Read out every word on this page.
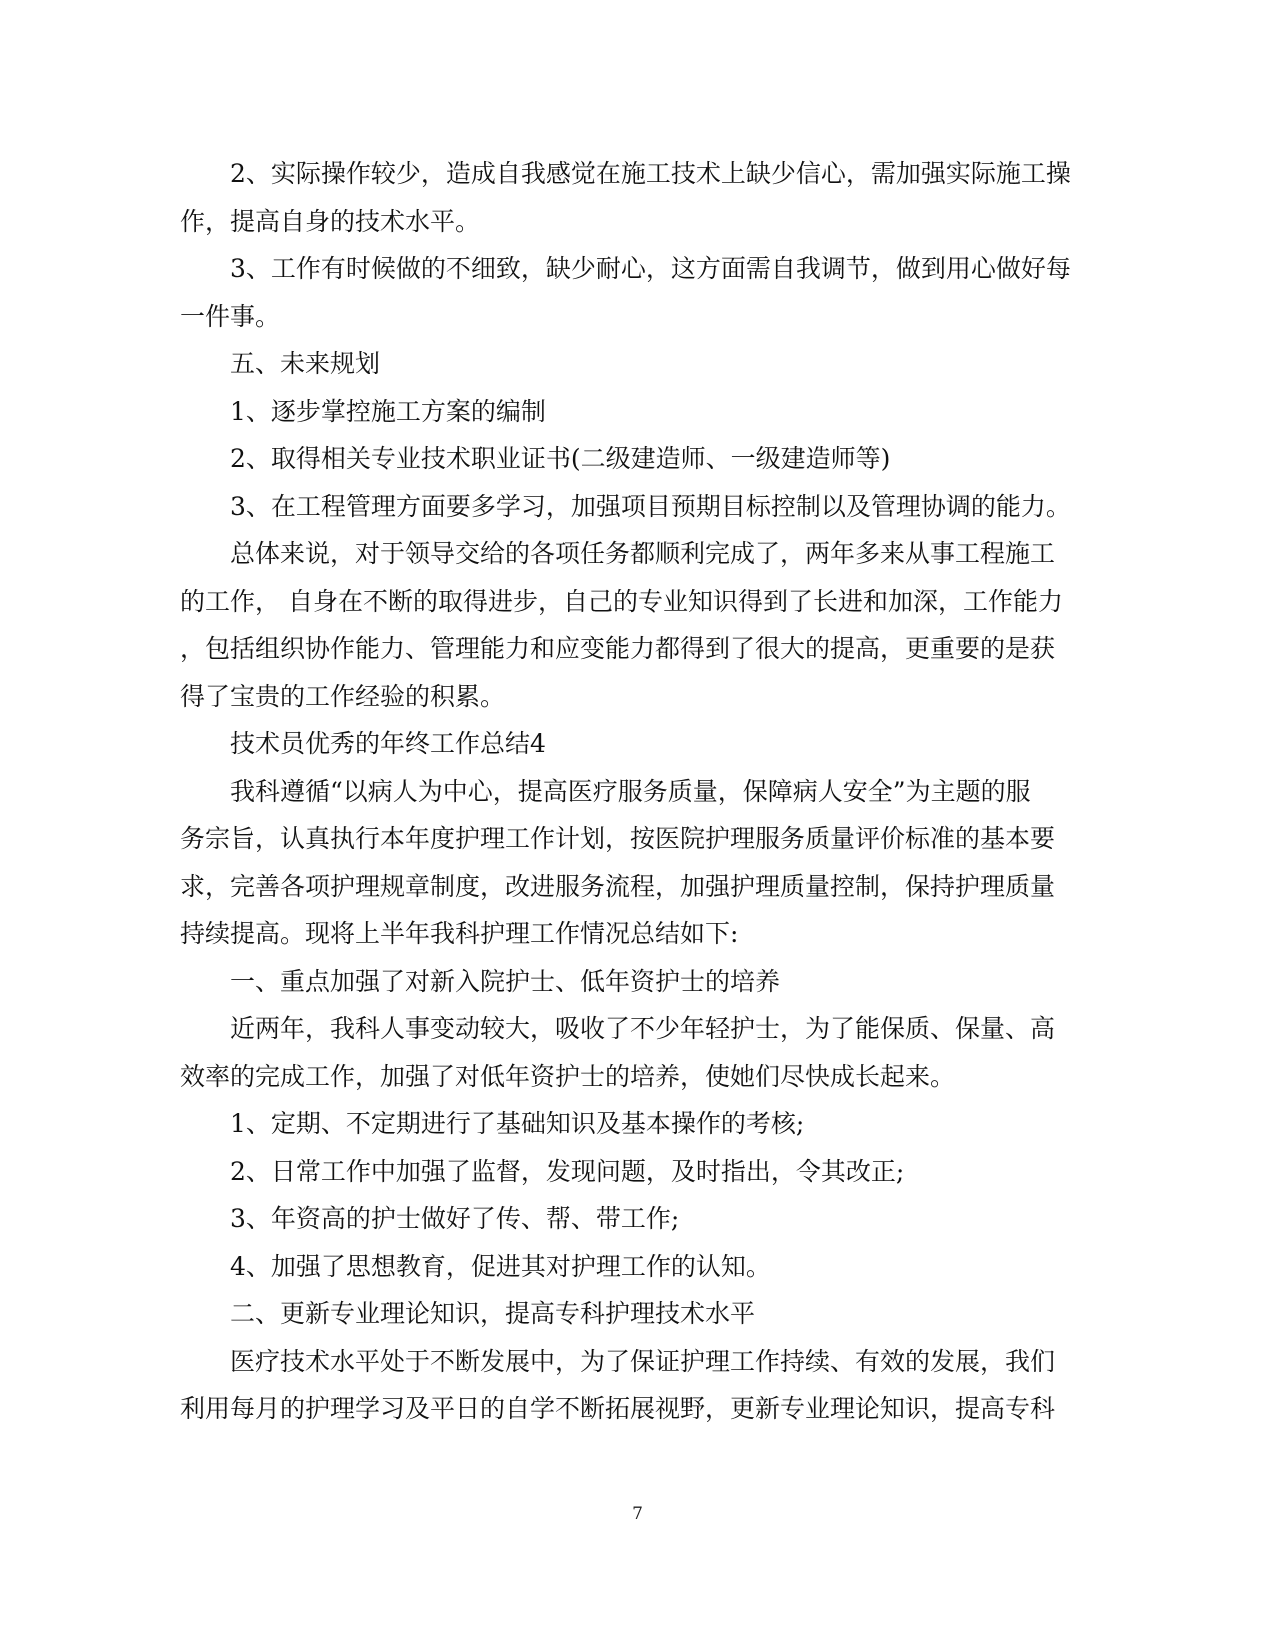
2、实际操作较少，造成自我感觉在施工技术上缺少信心，需加强实际施工操

作，提高自身的技术水平。

3、工作有时候做的不细致，缺少耐心，这方面需自我调节，做到用心做好每

一件事。

五、未来规划

1、逐步掌控施工方案的编制

2、取得相关专业技术职业证书(二级建造师、一级建造师等)

3、在工程管理方面要多学习，加强项目预期目标控制以及管理协调的能力。

总体来说，对于领导交给的各项任务都顺利完成了，两年多来从事工程施工

的工作， 自身在不断的取得进步，自己的专业知识得到了长进和加深，工作能力

，包括组织协作能力、管理能力和应变能力都得到了很大的提高，更重要的是获

得了宝贵的工作经验的积累。

技术员优秀的年终工作总结4

我科遵循“以病人为中心，提高医疗服务质量，保障病人安全”为主题的服

务宗旨，认真执行本年度护理工作计划，按医院护理服务质量评价标准的基本要

求，完善各项护理规章制度，改进服务流程，加强护理质量控制，保持护理质量

持续提高。现将上半年我科护理工作情况总结如下:

一、重点加强了对新入院护士、低年资护士的培养

近两年，我科人事变动较大，吸收了不少年轻护士，为了能保质、保量、高

效率的完成工作，加强了对低年资护士的培养，使她们尽快成长起来。

1、定期、不定期进行了基础知识及基本操作的考核;

2、日常工作中加强了监督，发现问题，及时指出，令其改正;

3、年资高的护士做好了传、帮、带工作;

4、加强了思想教育，促进其对护理工作的认知。

二、更新专业理论知识，提高专科护理技术水平

医疗技术水平处于不断发展中，为了保证护理工作持续、有效的发展，我们

利用每月的护理学习及平日的自学不断拓展视野，更新专业理论知识，提高专科

7
